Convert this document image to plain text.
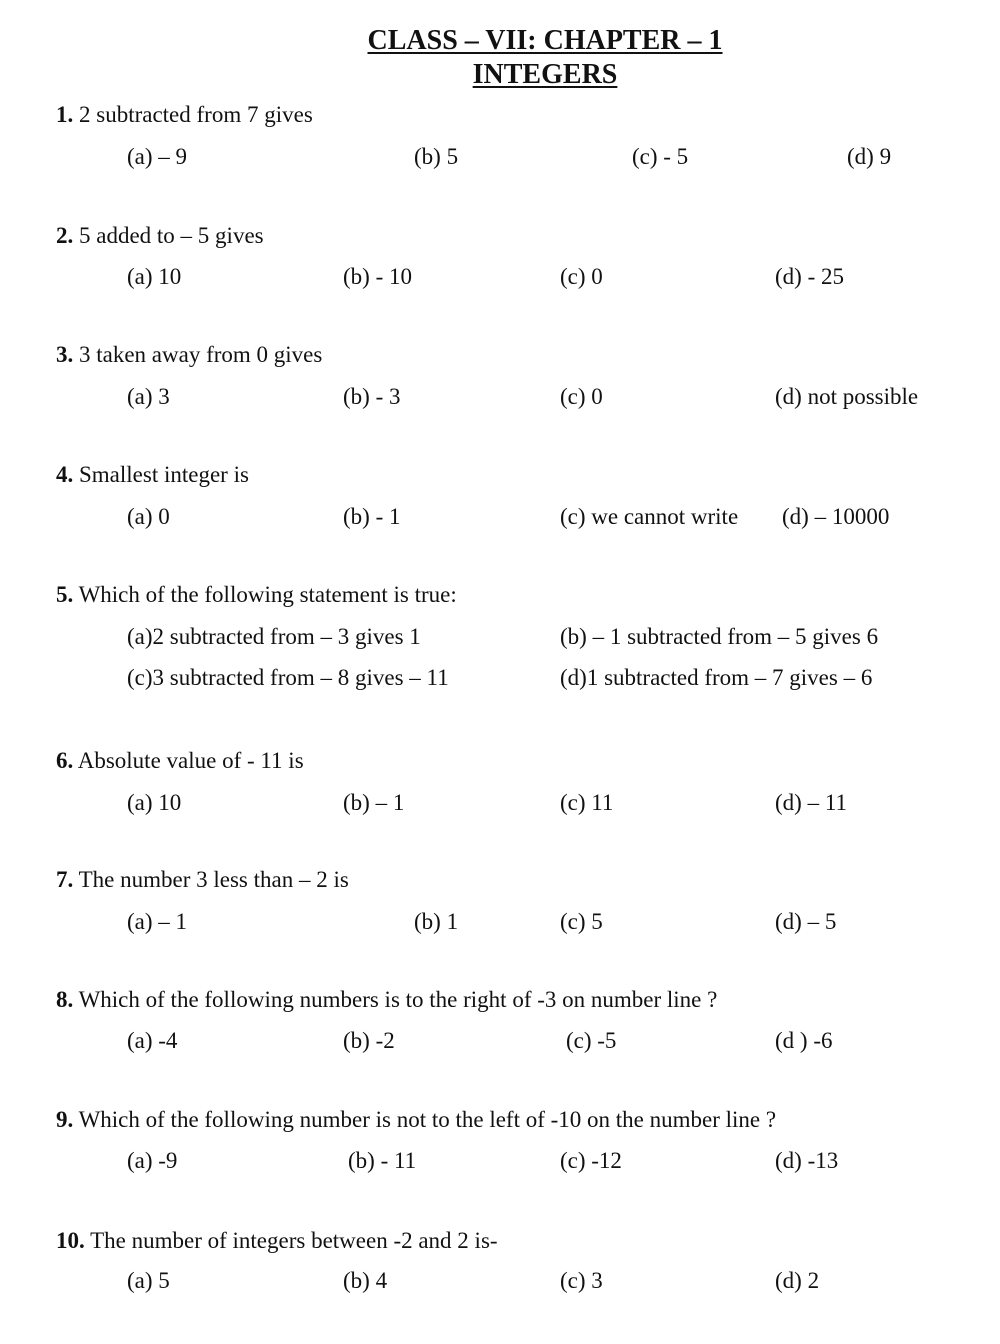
CLASS – VII: CHAPTER – 1
INTEGERS
1. 2 subtracted from 7 gives
(a) – 9	(b) 5	(c) - 5	(d) 9
2. 5 added to – 5 gives
(a) 10	(b) - 10	(c) 0	(d) - 25
3. 3 taken away from 0 gives
(a) 3	(b) - 3	(c) 0	(d) not possible
4. Smallest integer is
(a) 0	(b) - 1	(c) we cannot write (d) – 10000
5. Which of the following statement is true:
(a)2 subtracted from – 3 gives 1	(b) – 1 subtracted from – 5 gives 6
(c)3 subtracted from – 8 gives – 11	(d)1 subtracted from – 7 gives – 6
6. Absolute value of - 11 is
(a) 10	(b) – 1	(c) 11	(d) – 11
7. The number 3 less than – 2 is
(a) – 1	(b) 1	(c) 5	(d) – 5
8. Which of the following numbers is to the right of -3 on number line ?
(a) -4	(b) -2	(c) -5	(d ) -6
9. Which of the following number is not to the left of -10 on the number line ?
(a) -9	(b) - 11	(c) -12	(d) -13
10. The number of integers between -2 and 2 is-
(a) 5	(b) 4	(c) 3	(d) 2
